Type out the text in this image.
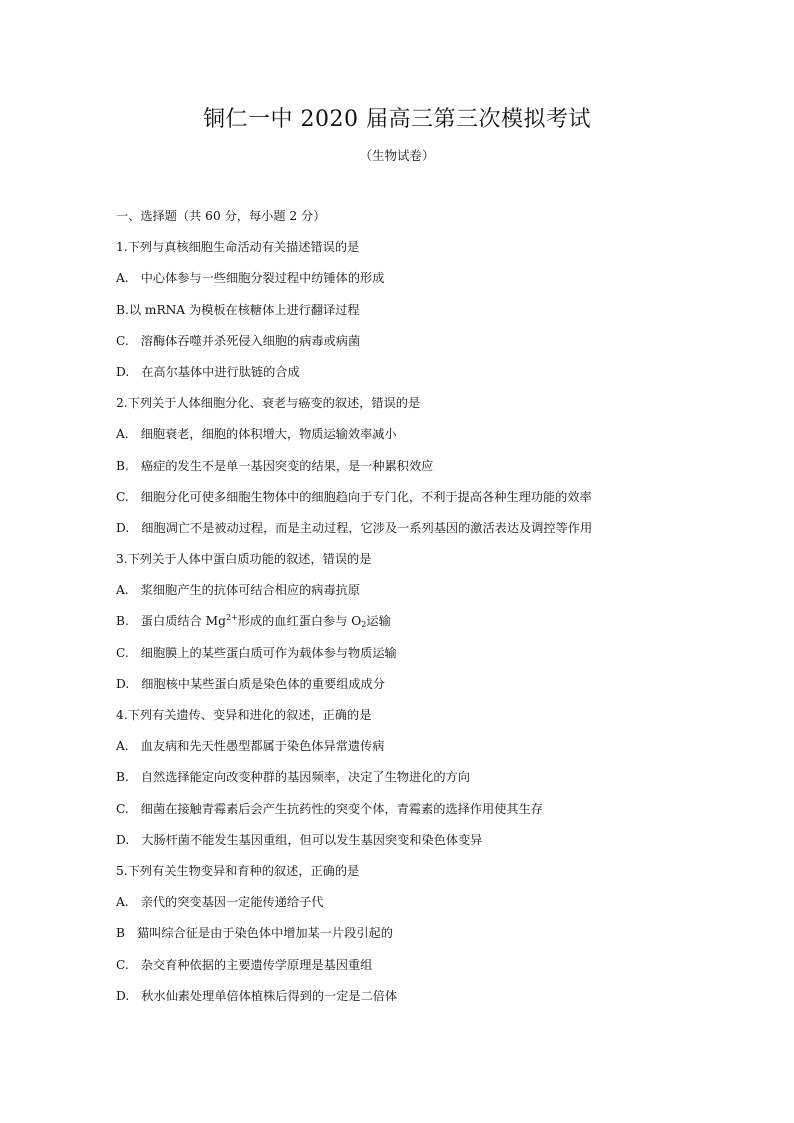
铜仁一中 2020 届高三第三次模拟考试
（生物试卷）
一、选择题（共 60 分，每小题 2 分）
1.下列与真核细胞生命活动有关描述错误的是
A. 中心体参与一些细胞分裂过程中纺锤体的形成
B.以 mRNA 为模板在核糖体上进行翻译过程
C. 溶酶体吞噬并杀死侵入细胞的病毒或病菌
D. 在高尔基体中进行肽链的合成
2.下列关于人体细胞分化、衰老与癌变的叙述，错误的是
A. 细胞衰老，细胞的体积增大，物质运输效率减小
B. 癌症的发生不是单一基因突变的结果，是一种累积效应
C. 细胞分化可使多细胞生物体中的细胞趋向于专门化，不利于提高各种生理功能的效率
D. 细胞凋亡不是被动过程，而是主动过程，它涉及一系列基因的激活表达及调控等作用
3.下列关于人体中蛋白质功能的叙述，错误的是
A. 浆细胞产生的抗体可结合相应的病毒抗原
B. 蛋白质结合 $Mg^{2+}$形成的血红蛋白参与 $O_2$运输
C. 细胞膜上的某些蛋白质可作为载体参与物质运输
D. 细胞核中某些蛋白质是染色体的重要组成成分
4.下列有关遗传、变异和进化的叙述，正确的是
A. 血友病和先天性愚型都属于染色体异常遗传病
B. 自然选择能定向改变种群的基因频率，决定了生物进化的方向
C. 细菌在接触青霉素后会产生抗药性的突变个体，青霉素的选择作用使其生存
D. 大肠杆菌不能发生基因重组，但可以发生基因突变和染色体变异
5.下列有关生物变异和育种的叙述，正确的是
A. 亲代的突变基因一定能传递给子代
B 猫叫综合征是由于染色体中增加某一片段引起的
C. 杂交育种依据的主要遗传学原理是基因重组
D. 秋水仙素处理单倍体植株后得到的一定是二倍体
